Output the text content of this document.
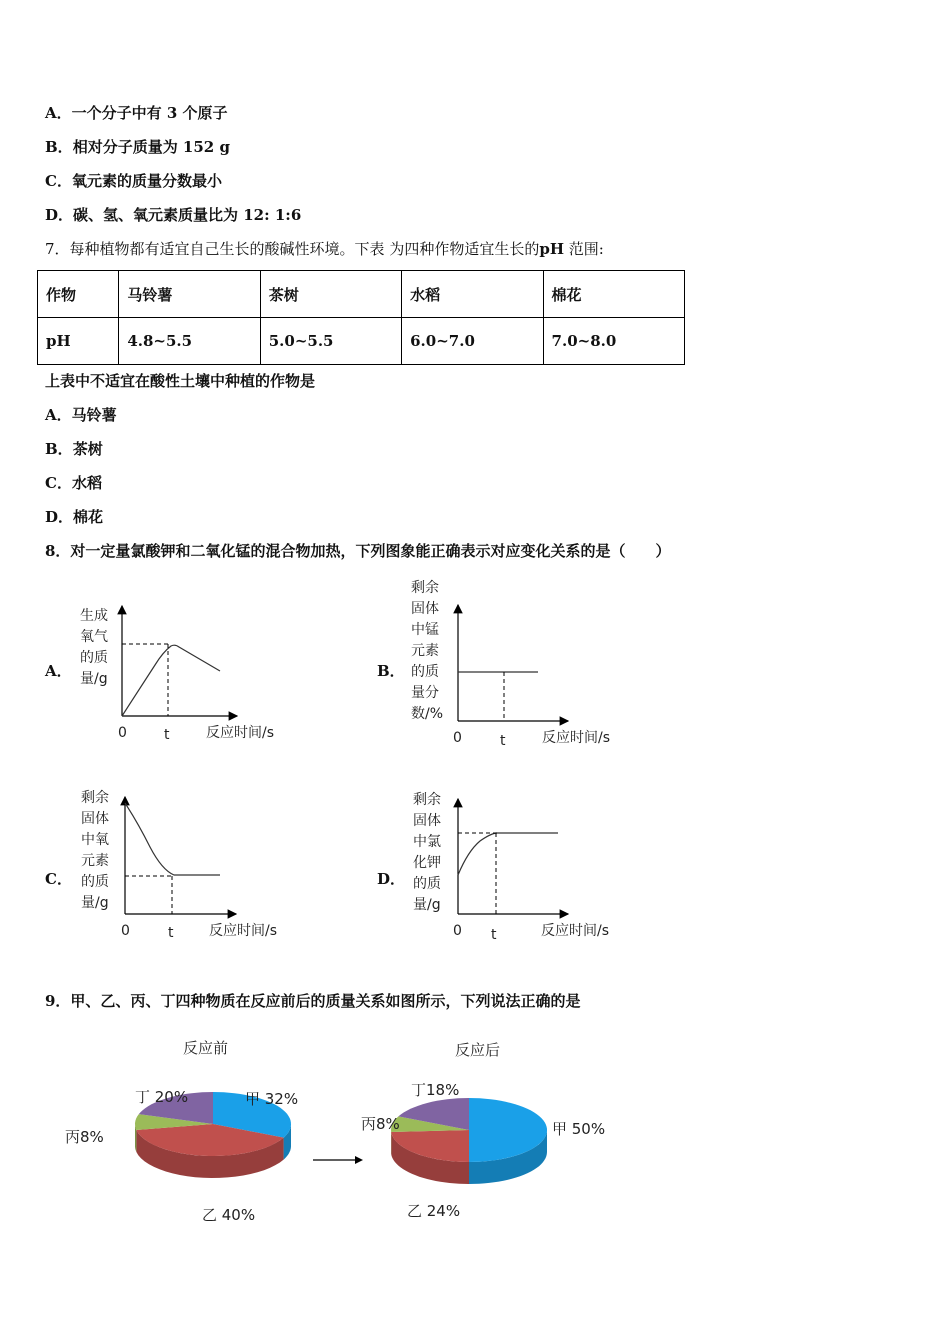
A．一个分子中有 3 个原子
B．相对分子质量为 152 g
C．氧元素的质量分数最小
D．碳、氢、氧元素质量比为 12: 1:6
7．每种植物都有适宜自己生长的酸碱性环境。下表 为四种作物适宜生长的pH 范围:
作物	马铃薯	茶树	水稻	棉花
pH	4.8~5.5	5.0~5.5	6.0~7.0	7.0~8.0
上表中不适宜在酸性土壤中种植的作物是
A．马铃薯
B．茶树
C．水稻
D．棉花
8．对一定量氯酸钾和二氧化锰的混合物加热，下列图象能正确表示对应变化关系的是（　　）
A．
生成
氧气
的质
量/g
0	t	反应时间/s
B．
剩余
固体
中锰
元素
的质
量分
数/%
0	t	反应时间/s
C．
剩余
固体
中氧
元素
的质
量/g
0	t	反应时间/s
D．
剩余
固体
中氯
化钾
的质
量/g
0 t	反应时间/s
9．甲、乙、丙、丁四种物质在反应前后的质量关系如图所示，下列说法正确的是
反应前	反应后
丁 20%	甲 32%
丙8%
乙 40%
丁18%
甲 50%
丙8%
乙 24%
